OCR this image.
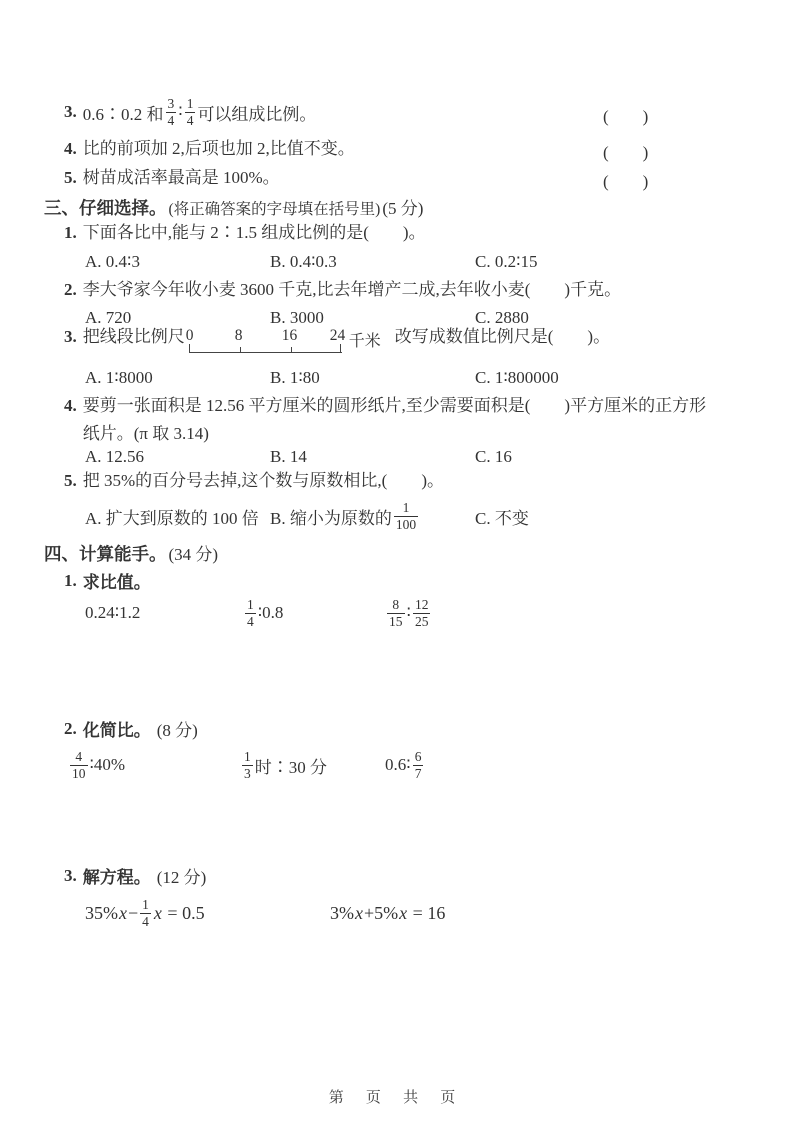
3. 0.6∶0.2 和 $\frac{3}{4}$ ∶ $\frac{1}{4}$ 可以组成比例。	(　　)
4. 比的前项加 2,后项也加 2,比值不变。	(　　)
5. 树苗成活率最高是 100%。	(　　)
三、 仔细选择。 (将正确答案的字母填在括号里) (5 分)
1. 下面各比中,能与 2∶1.5 组成比例的是(　　)。
A. 0.4∶3	B. 0.4∶0.3	C. 0.2∶15
2. 李大爷家今年收小麦 3600 千克,比去年增产二成,去年收小麦(　　)千克。
A. 720	B. 3000	C. 2880
3. 把线段比例尺 0	8	16 24 千米 改写成数值比例尺是(　　)。
A. 1∶8000	B. 1∶80	C. 1∶800000
4. 要剪一张面积是 12.56 平方厘米的圆形纸片,至少需要面积是(　　)平方厘米的正方形纸片。(π 取 3.14)
A. 12.56	B. 14	C. 16
5. 把 35%的百分号去掉,这个数与原数相比,(　　)。
A. 扩大到原数的 100 倍 B. 缩小为原数的 $\frac{1}{100}$	C. 不变
四、 计算能手。 (34 分)
1. 求比值。
0.24∶1.2	$\frac{1}{4}$ ∶0.8	$\frac{8}{15}$ ∶ $\frac{12}{25}$
2. 化简比。 (8 分)
$\frac{4}{10}$ ∶40%	$\frac{1}{3}$ 时∶30 分	0.6∶ $\frac{6}{7}$
3. 解方程。 (12 分)
35% $x - \frac{1}{4}$ x = 0.5	3% x + 5% x = 16
第 页 共 页
